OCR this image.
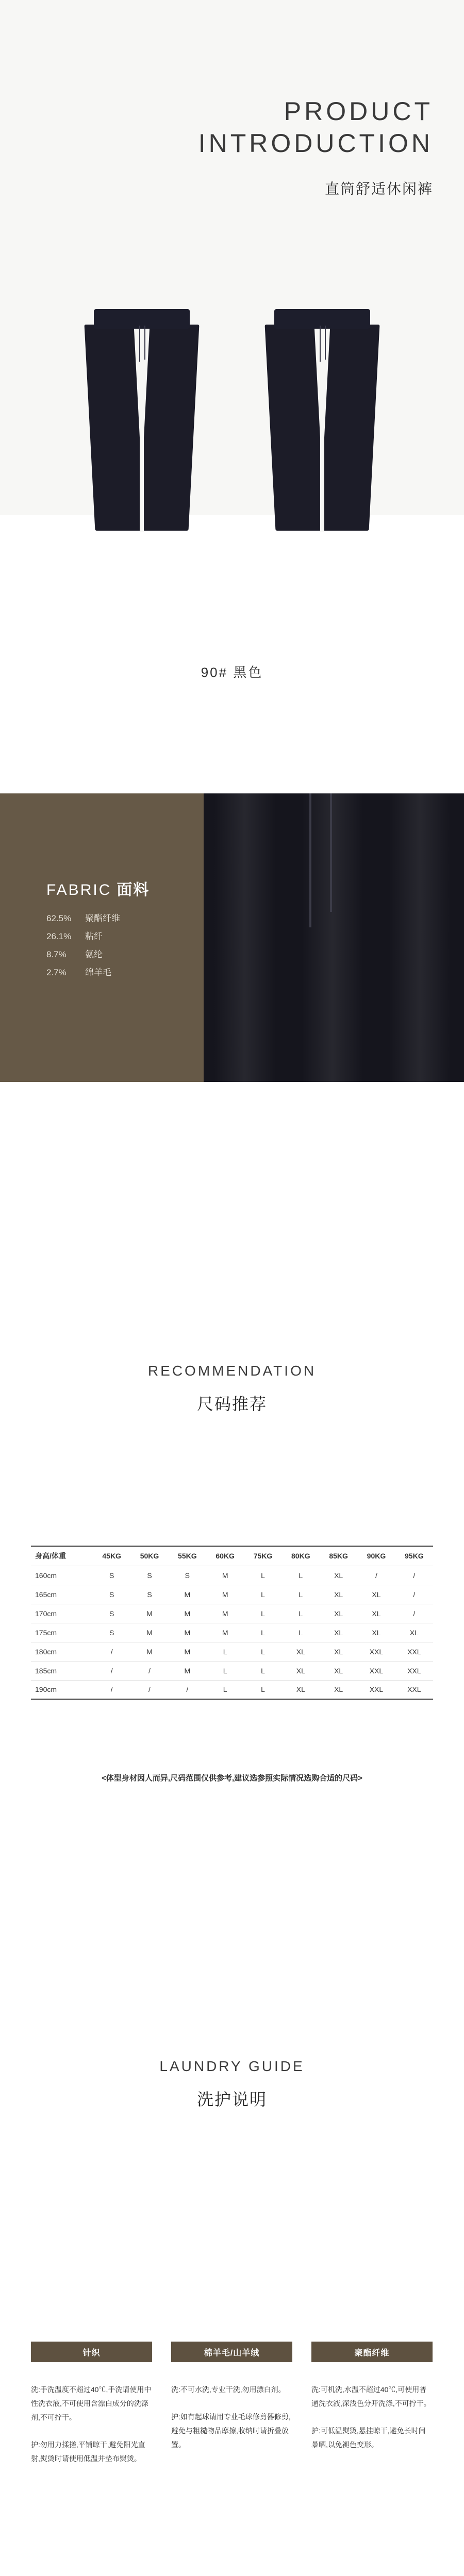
PRODUCT
INTRODUCTION
直筒舒适休闲裤
90# 黑色
FABRIC 面料
62.5%	聚酯纤维
26.1%	粘纤
8.7%	氨纶
2.7%	绵羊毛
RECOMMENDATION
尺码推荐
身高/体重	45KG	50KG	55KG	60KG	75KG	80KG	85KG	90KG	95KG
160cm	S	S	S	M	L	L	XL	/	/
165cm	S	S	M	M	L	L	XL	XL	/
170cm	S	M	M	M	L	L	XL	XL	/
175cm	S	M	M	M	L	L	XL	XL	XL
180cm	/	M	M	L	L	XL	XL	XXL	XXL
185cm	/	/	M	L	L	XL	XL	XXL	XXL
190cm	/	/	/	L	L	XL	XL	XXL	XXL
<体型身材因人而异,尺码范围仅供参考,建议选参照实际情况选购合适的尺码>
LAUNDRY GUIDE
洗护说明
针织

洗:手洗温度不超过40℃,手洗请使用中性洗衣液,不可使用含漂白成分的洗涤剂,不可拧干。

护:勿用力揉搓,平铺晾干,避免阳光直射,熨烫时请使用低温并垫布熨烫。

棉羊毛/山羊绒

洗:不可水洗,专业干洗,勿用漂白剂。

护:如有起球请用专业毛球修剪器修剪,避免与粗糙物品摩擦,收纳时请折叠放置。

聚酯纤维

洗:可机洗,水温不超过40℃,可使用普通洗衣液,深浅色分开洗涤,不可拧干。

护:可低温熨烫,悬挂晾干,避免长时间暴晒,以免褪色变形。
